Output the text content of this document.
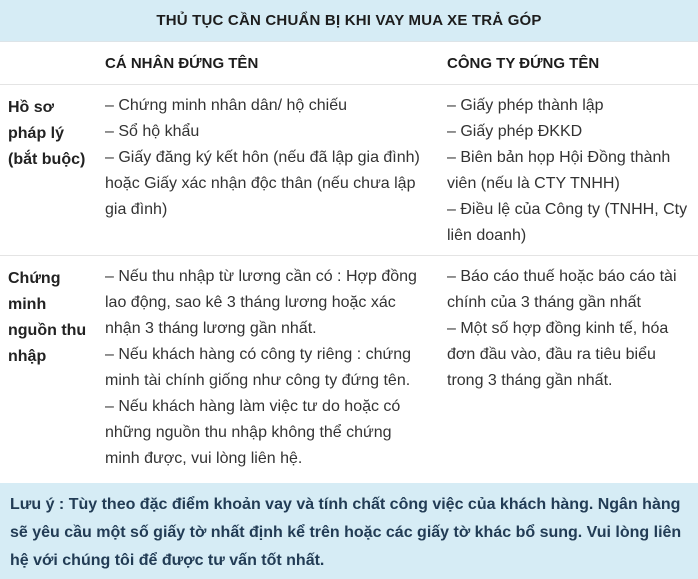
THỦ TỤC CẦN CHUẨN BỊ KHI VAY MUA XE TRẢ GÓP
CÁ NHÂN ĐỨNG TÊN	CÔNG TY ĐỨNG TÊN
Hồ sơ pháp lý (bắt buộc)

– Chứng minh nhân dân/ hộ chiếu

– Sổ hộ khẩu

– Giấy đăng ký kết hôn (nếu đã lập gia đình) hoặc Giấy xác nhận độc thân (nếu chưa lập gia đình)

– Giấy phép thành lập

– Giấy phép ĐKKD

– Biên bản họp Hội Đồng thành viên (nếu là CTY TNHH)

– Điều lệ của Công ty (TNHH, Cty liên doanh)

Chứng minh nguồn thu nhập

– Nếu thu nhập từ lương cần có : Hợp đồng lao động, sao kê 3 tháng lương hoặc xác nhận 3 tháng lương gần nhất.

– Nếu khách hàng có công ty riêng : chứng minh tài chính giống như công ty đứng tên.

– Nếu khách hàng làm việc tư do hoặc có những nguồn thu nhập không thể chứng minh được, vui lòng liên hệ.

– Báo cáo thuế hoặc báo cáo tài chính của 3 tháng gần nhất

– Một số hợp đồng kinh tế, hóa đơn đầu vào, đầu ra tiêu biểu trong 3 tháng gần nhất.

Lưu ý : Tùy theo đặc điểm khoản vay và tính chất công việc của khách hàng. Ngân hàng sẽ yêu cầu một số giấy tờ nhất định kể trên hoặc các giấy tờ khác bổ sung. Vui lòng liên hệ với chúng tôi để được tư vấn tốt nhất.
